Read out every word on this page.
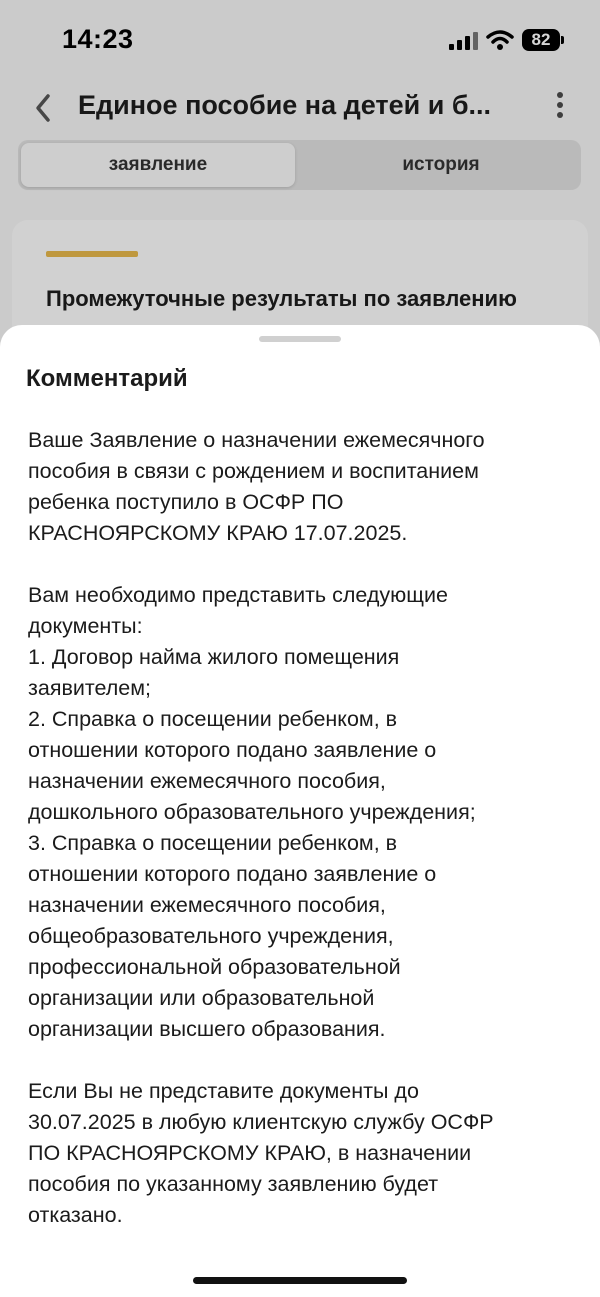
14:23	82
Единое пособие на детей и б...
заявление	история
Промежуточные результаты по заявлению
Комментарий

Ваше Заявление о назначении ежемесячного

пособия в связи с рождением и воспитанием

ребенка поступило в ОСФР ПО

КРАСНОЯРСКОМУ КРАЮ 17.07.2025.

Вам необходимо представить следующие

документы:

1. Договор найма жилого помещения

заявителем;

2. Справка о посещении ребенком, в

отношении которого подано заявление о

назначении ежемесячного пособия,

дошкольного образовательного учреждения;

3. Справка о посещении ребенком, в

отношении которого подано заявление о

назначении ежемесячного пособия,

общеобразовательного учреждения,

профессиональной образовательной

организации или образовательной

организации высшего образования.

Если Вы не представите документы до

30.07.2025 в любую клиентскую службу ОСФР

ПО КРАСНОЯРСКОМУ КРАЮ, в назначении

пособия по указанному заявлению будет

отказано.
